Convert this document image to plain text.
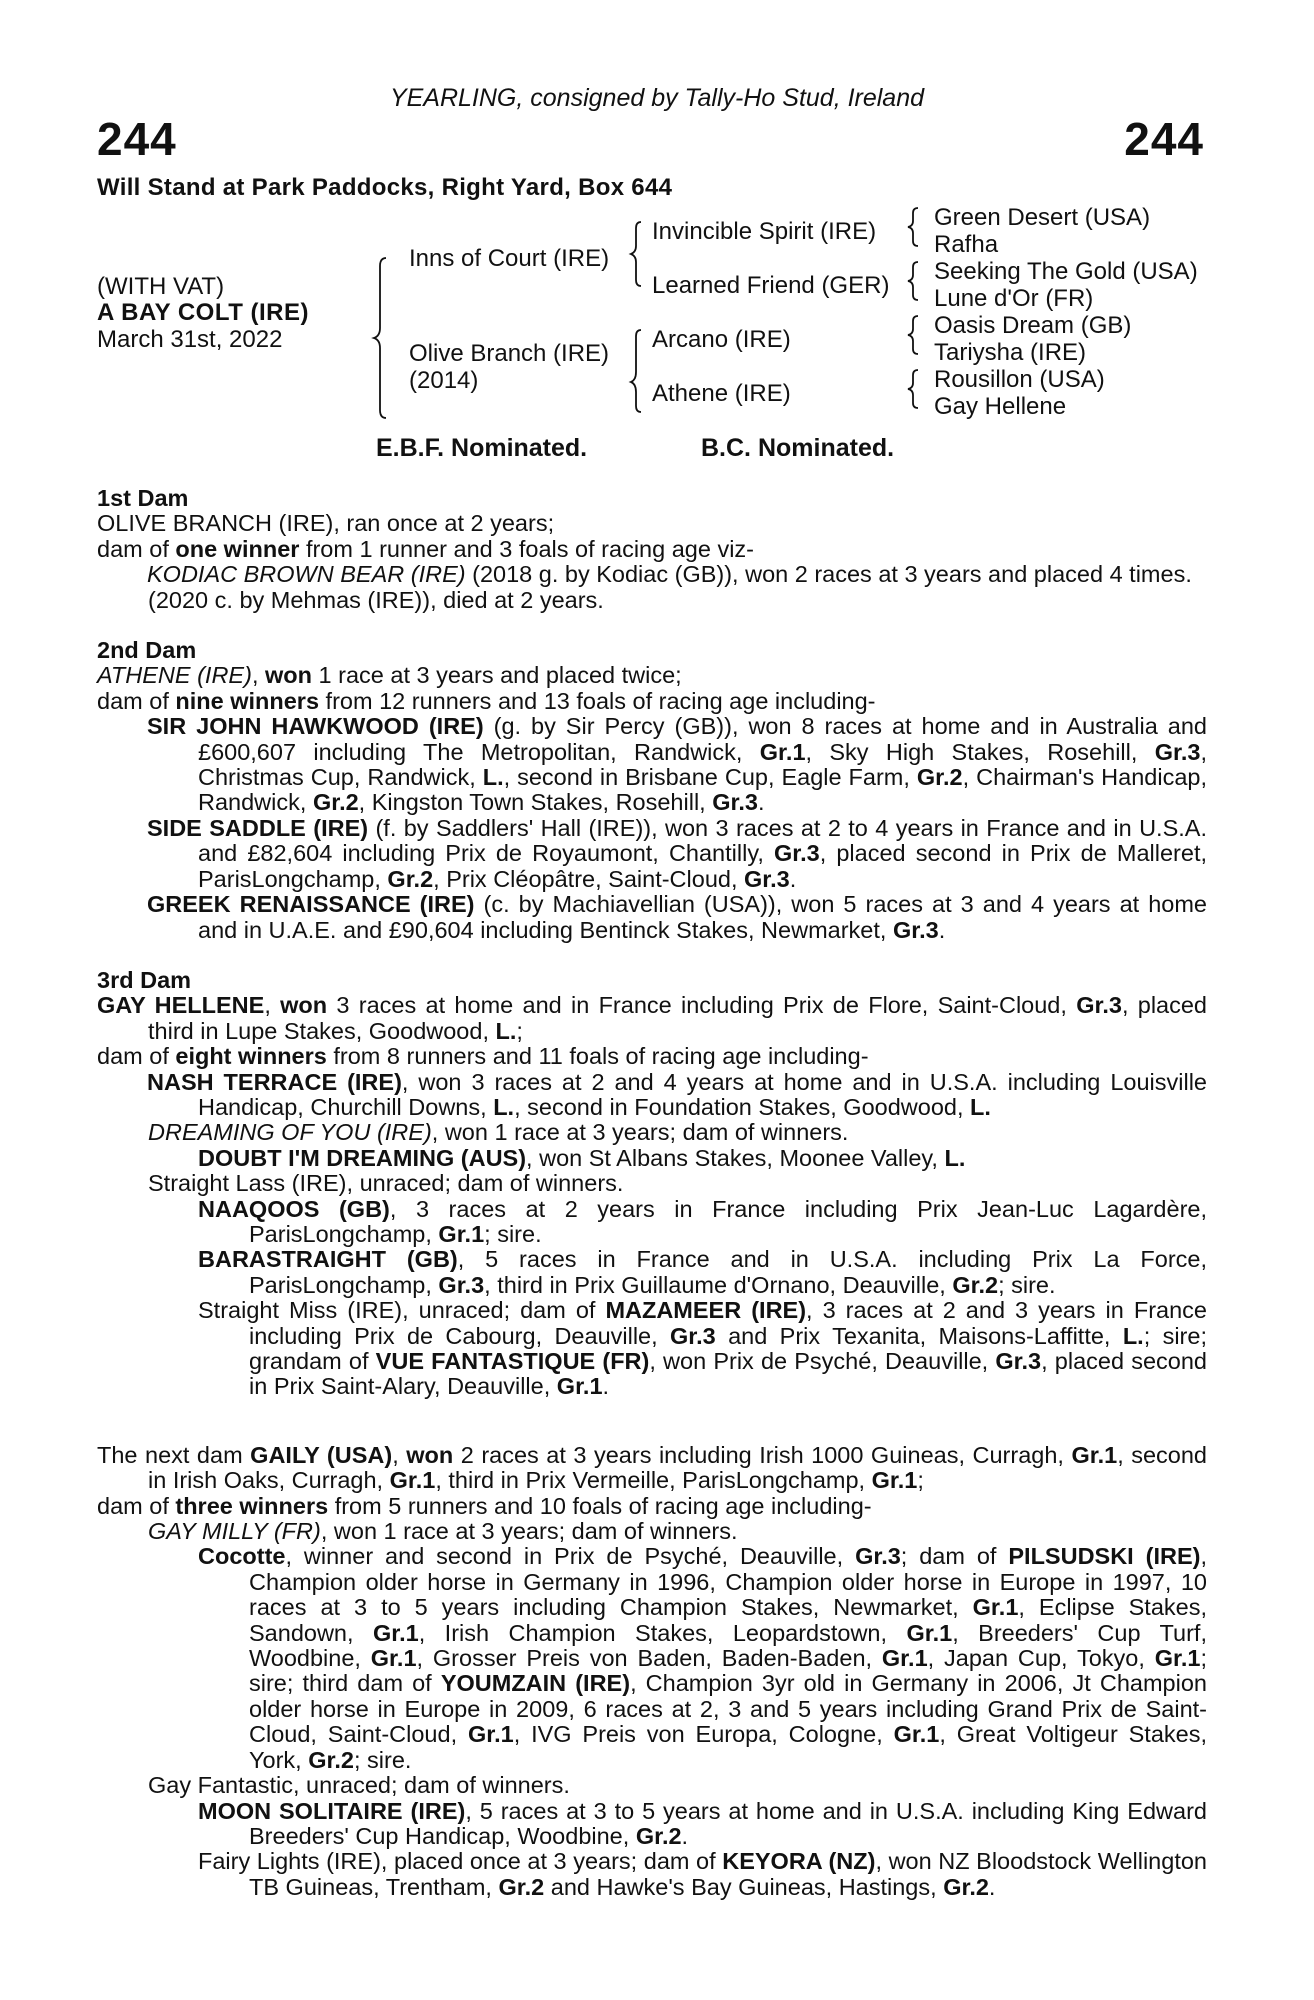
YEARLING, consigned by Tally-Ho Stud, Ireland
244	244
Will Stand at Park Paddocks, Right Yard, Box 644
(WITH VAT)
A BAY COLT (IRE)
March 31st, 2022
Inns of Court (IRE)
Olive Branch (IRE)
(2014)
Invincible Spirit (IRE)
Learned Friend (GER)
Arcano (IRE)
Athene (IRE)
Green Desert (USA)
Rafha
Seeking The Gold (USA)
Lune d'Or (FR)
Oasis Dream (GB)
Tariysha (IRE)
Rousillon (USA)
Gay Hellene
E.B.F. Nominated.	B.C. Nominated.

1st Dam

OLIVE BRANCH (IRE), ran once at 2 years;

dam of one winner from 1 runner and 3 foals of racing age viz-

KODIAC BROWN BEAR (IRE) (2018 g. by Kodiac (GB)), won 2 races at 3 years and placed 4 times.

(2020 c. by Mehmas (IRE)), died at 2 years.

2nd Dam

ATHENE (IRE), won 1 race at 3 years and placed twice;

dam of nine winners from 12 runners and 13 foals of racing age including-

SIR JOHN HAWKWOOD (IRE) (g. by Sir Percy (GB)), won 8 races at home and in Australia and £600,607 including The Metropolitan, Randwick, Gr.1, Sky High Stakes, Rosehill, Gr.3, Christmas Cup, Randwick, L., second in Brisbane Cup, Eagle Farm, Gr.2, Chairman's Handicap, Randwick, Gr.2, Kingston Town Stakes, Rosehill, Gr.3.

SIDE SADDLE (IRE) (f. by Saddlers' Hall (IRE)), won 3 races at 2 to 4 years in France and in U.S.A. and £82,604 including Prix de Royaumont, Chantilly, Gr.3, placed second in Prix de Malleret, ParisLongchamp, Gr.2, Prix Cléopâtre, Saint-Cloud, Gr.3.

GREEK RENAISSANCE (IRE) (c. by Machiavellian (USA)), won 5 races at 3 and 4 years at home and in U.A.E. and £90,604 including Bentinck Stakes, Newmarket, Gr.3.

3rd Dam

GAY HELLENE, won 3 races at home and in France including Prix de Flore, Saint-Cloud, Gr.3, placed third in Lupe Stakes, Goodwood, L.;

dam of eight winners from 8 runners and 11 foals of racing age including-

NASH TERRACE (IRE), won 3 races at 2 and 4 years at home and in U.S.A. including Louisville Handicap, Churchill Downs, L., second in Foundation Stakes, Goodwood, L.

DREAMING OF YOU (IRE), won 1 race at 3 years; dam of winners.

DOUBT I'M DREAMING (AUS), won St Albans Stakes, Moonee Valley, L.

Straight Lass (IRE), unraced; dam of winners.

NAAQOOS (GB), 3 races at 2 years in France including Prix Jean-Luc Lagardère, ParisLongchamp, Gr.1; sire.

BARASTRAIGHT (GB), 5 races in France and in U.S.A. including Prix La Force, ParisLongchamp, Gr.3, third in Prix Guillaume d'Ornano, Deauville, Gr.2; sire.

Straight Miss (IRE), unraced; dam of MAZAMEER (IRE), 3 races at 2 and 3 years in France including Prix de Cabourg, Deauville, Gr.3 and Prix Texanita, Maisons-Laffitte, L.; sire; grandam of VUE FANTASTIQUE (FR), won Prix de Psyché, Deauville, Gr.3, placed second in Prix Saint-Alary, Deauville, Gr.1.

The next dam GAILY (USA), won 2 races at 3 years including Irish 1000 Guineas, Curragh, Gr.1, second in Irish Oaks, Curragh, Gr.1, third in Prix Vermeille, ParisLongchamp, Gr.1;

dam of three winners from 5 runners and 10 foals of racing age including-

GAY MILLY (FR), won 1 race at 3 years; dam of winners.

Cocotte, winner and second in Prix de Psyché, Deauville, Gr.3; dam of PILSUDSKI (IRE), Champion older horse in Germany in 1996, Champion older horse in Europe in 1997, 10 races at 3 to 5 years including Champion Stakes, Newmarket, Gr.1, Eclipse Stakes, Sandown, Gr.1, Irish Champion Stakes, Leopardstown, Gr.1, Breeders' Cup Turf, Woodbine, Gr.1, Grosser Preis von Baden, Baden-Baden, Gr.1, Japan Cup, Tokyo, Gr.1; sire; third dam of YOUMZAIN (IRE), Champion 3yr old in Germany in 2006, Jt Champion older horse in Europe in 2009, 6 races at 2, 3 and 5 years including Grand Prix de Saint-Cloud, Saint-Cloud, Gr.1, IVG Preis von Europa, Cologne, Gr.1, Great Voltigeur Stakes, York, Gr.2; sire.

Gay Fantastic, unraced; dam of winners.

MOON SOLITAIRE (IRE), 5 races at 3 to 5 years at home and in U.S.A. including King Edward Breeders' Cup Handicap, Woodbine, Gr.2.

Fairy Lights (IRE), placed once at 3 years; dam of KEYORA (NZ), won NZ Bloodstock Wellington TB Guineas, Trentham, Gr.2 and Hawke's Bay Guineas, Hastings, Gr.2.
